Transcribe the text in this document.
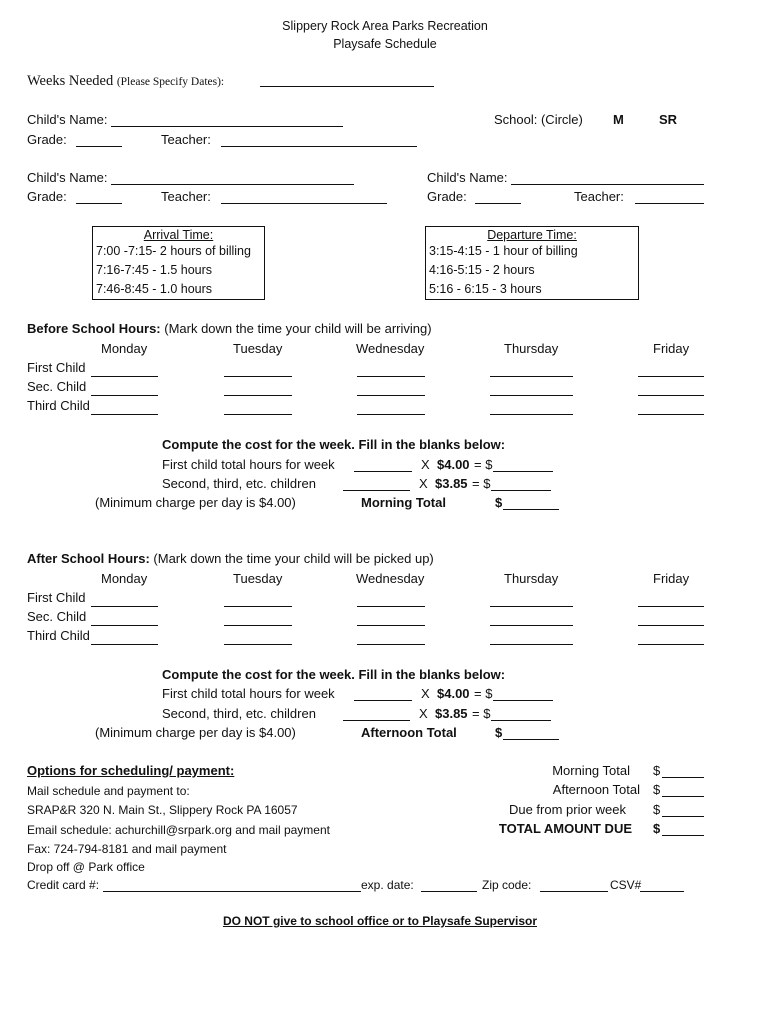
Slippery Rock Area Parks Recreation
Playsafe Schedule
Weeks Needed (Please Specify Dates):
Child's Name:	School: (Circle) M	SR
Grade:	Teacher:
Child's Name:
Grade:	Teacher:
Child's Name:
Grade:	Teacher:
Arrival Time:
7:00 -7:15- 2 hours of billing
7:16-7:45 - 1.5 hours
7:46-8:45 - 1.0 hours
Departure Time:
3:15-4:15 - 1 hour of billing
4:16-5:15 - 2 hours
5:16 - 6:15 - 3 hours
Before School Hours: (Mark down the time your child will be arriving)
Monday	Tuesday	Wednesday	Thursday	Friday
First Child
Sec. Child
Third Child
Compute the cost for the week. Fill in the blanks below:
First child total hours for week	X $4.00 = $
Second, third, etc. children	X $3.85 = $
(Minimum charge per day is $4.00)	Morning Total	$
After School Hours: (Mark down the time your child will be picked up)
Monday	Tuesday	Wednesday	Thursday	Friday
First Child
Sec. Child
Third Child
Compute the cost for the week. Fill in the blanks below:
First child total hours for week	X $4.00 = $
Second, third, etc. children	X $3.85 = $
(Minimum charge per day is $4.00)	Afternoon Total	$
Options for scheduling/ payment:
Mail schedule and payment to:
SRAP&R 320 N. Main St., Slippery Rock PA 16057
Email schedule: achurchill@srpark.org and mail payment
Fax: 724-794-8181 and mail payment
Drop off @ Park office
Credit card #:	exp. date:	Zip code:	CSV#
Morning Total $
Afternoon Total $
Due from prior week $
TOTAL AMOUNT DUE $
DO NOT give to school office or to Playsafe Supervisor
